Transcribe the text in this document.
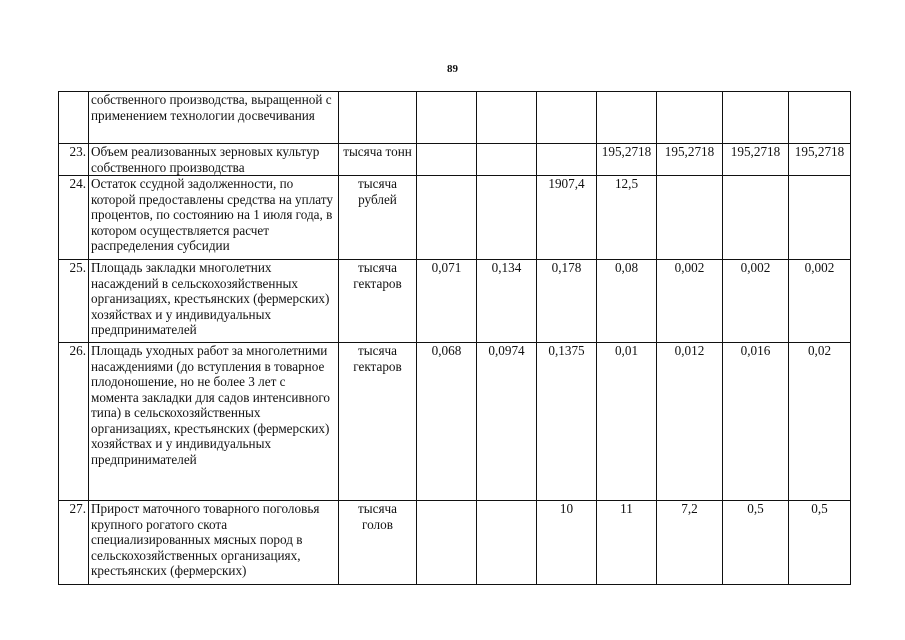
89
	собственного производства, выращенной с применением технологии досвечивания								
23.	Объем реализованных зерновых культур собственного производства	тысяча тонн				195,2718	195,2718	195,2718	195,2718
24.	Остаток ссудной задолженности, по которой предоставлены средства на уплату процентов, по состоянию на 1 июля года, в котором осуществляется расчет распределения субсидии	тысяча рублей			1907,4	12,5			
25.	Площадь закладки многолетних насаждений в сельскохозяйственных организациях, крестьянских (фермерских) хозяйствах и у индивидуальных предпринимателей	тысяча гектаров	0,071	0,134	0,178	0,08	0,002	0,002	0,002
26.	Площадь уходных работ за многолетними насаждениями (до вступления в товарное плодоношение, но не более 3 лет с момента закладки для садов интенсивного типа) в сельскохозяйственных организациях, крестьянских (фермерских) хозяйствах и у индивидуальных предпринимателей	тысяча гектаров	0,068	0,0974	0,1375	0,01	0,012	0,016	0,02
27.	Прирост маточного товарного поголовья крупного рогатого скота специализированных мясных пород в сельскохозяйственных организациях, крестьянских (фермерских)	тысяча голов			10	11	7,2	0,5	0,5
